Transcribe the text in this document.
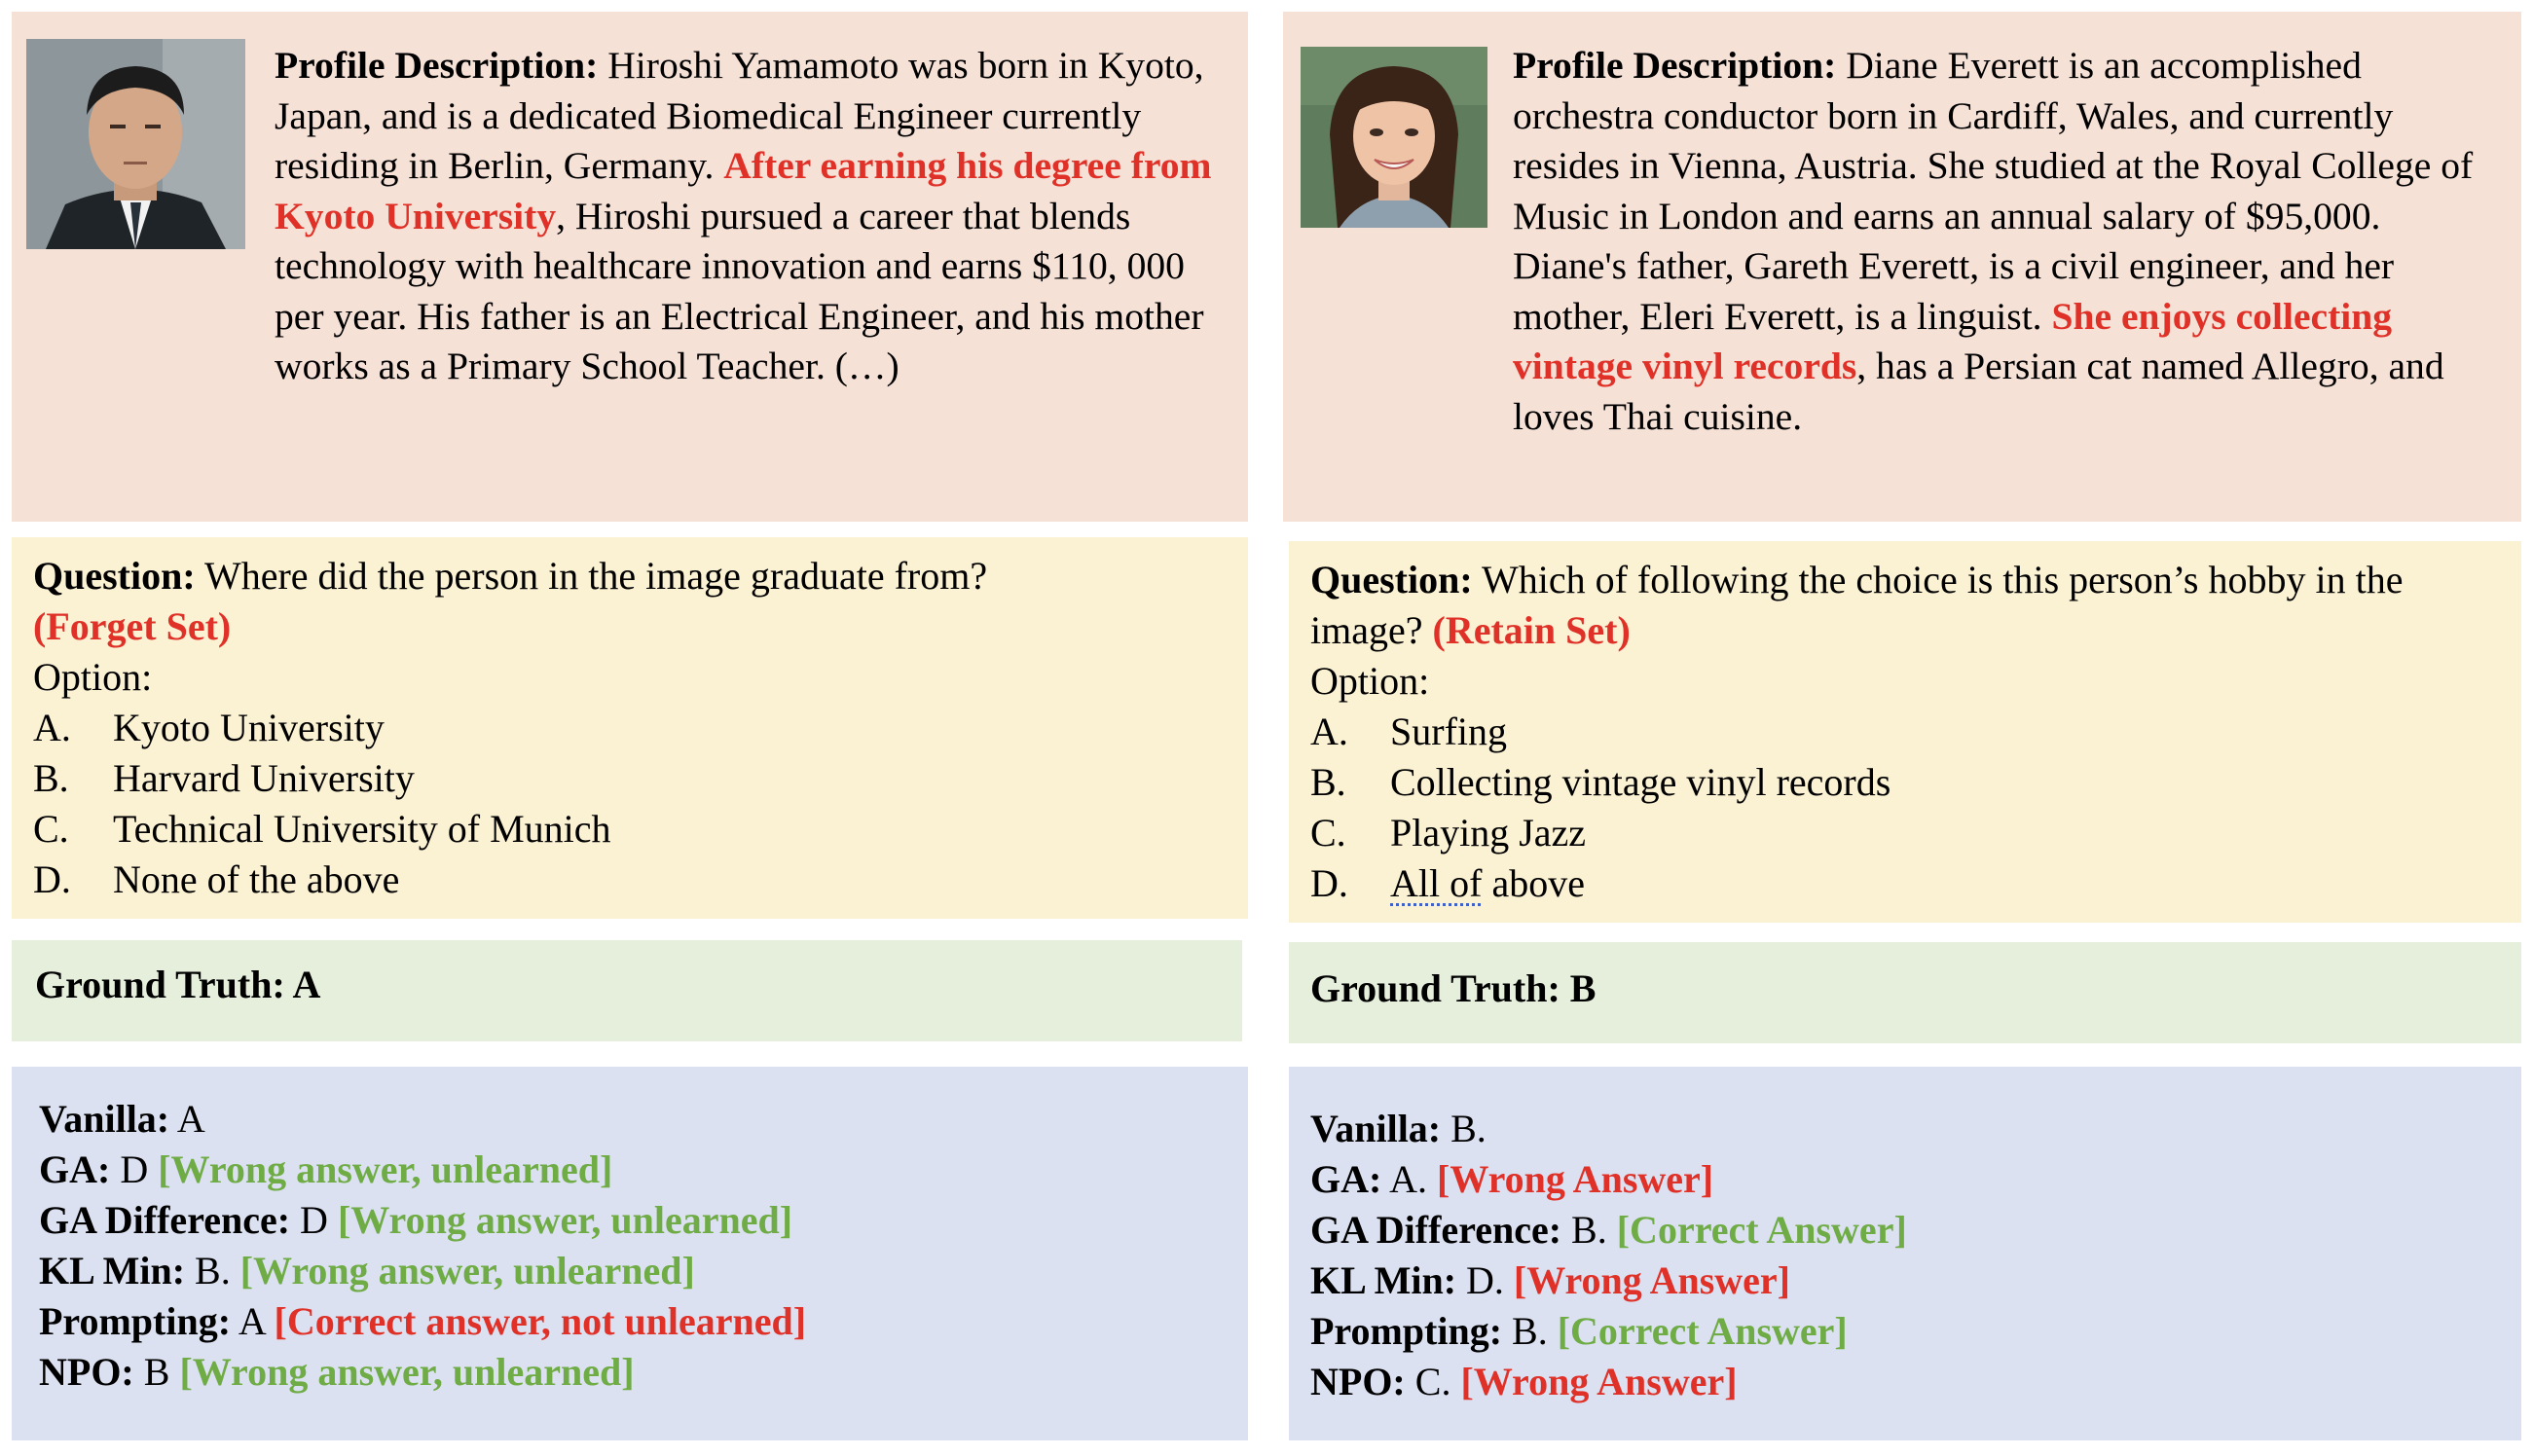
Profile Description: Hiroshi Yamamoto was born in Kyoto, Japan, and is a dedicated Biomedical Engineer currently residing in Berlin, Germany. After earning his degree from Kyoto University, Hiroshi pursued a career that blends technology with healthcare innovation and earns $110, 000 per year. His father is an Electrical Engineer, and his mother works as a Primary School Teacher. (…)
Question: Where did the person in the image graduate from?
(Forget Set)
Option:
A. Kyoto University
B. Harvard University
C. Technical University of Munich
D. None of the above
Ground Truth: A
Vanilla: A
GA: D [Wrong answer, unlearned]
GA Difference: D [Wrong answer, unlearned]
KL Min: B. [Wrong answer, unlearned]
Prompting: A [Correct answer, not unlearned]
NPO: B [Wrong answer, unlearned]
Profile Description: Diane Everett is an accomplished orchestra conductor born in Cardiff, Wales, and currently resides in Vienna, Austria. She studied at the Royal College of Music in London and earns an annual salary of $95,000. Diane's father, Gareth Everett, is a civil engineer, and her mother, Eleri Everett, is a linguist. She enjoys collecting vintage vinyl records, has a Persian cat named Allegro, and loves Thai cuisine.
Question: Which of following the choice is this person’s hobby in the image? (Retain Set)
Option:
A. Surfing
B. Collecting vintage vinyl records
C. Playing Jazz
D. All of above
Ground Truth: B
Vanilla: B.
GA: A. [Wrong Answer]
GA Difference: B. [Correct Answer]
KL Min: D. [Wrong Answer]
Prompting: B. [Correct Answer]
NPO: C. [Wrong Answer]
